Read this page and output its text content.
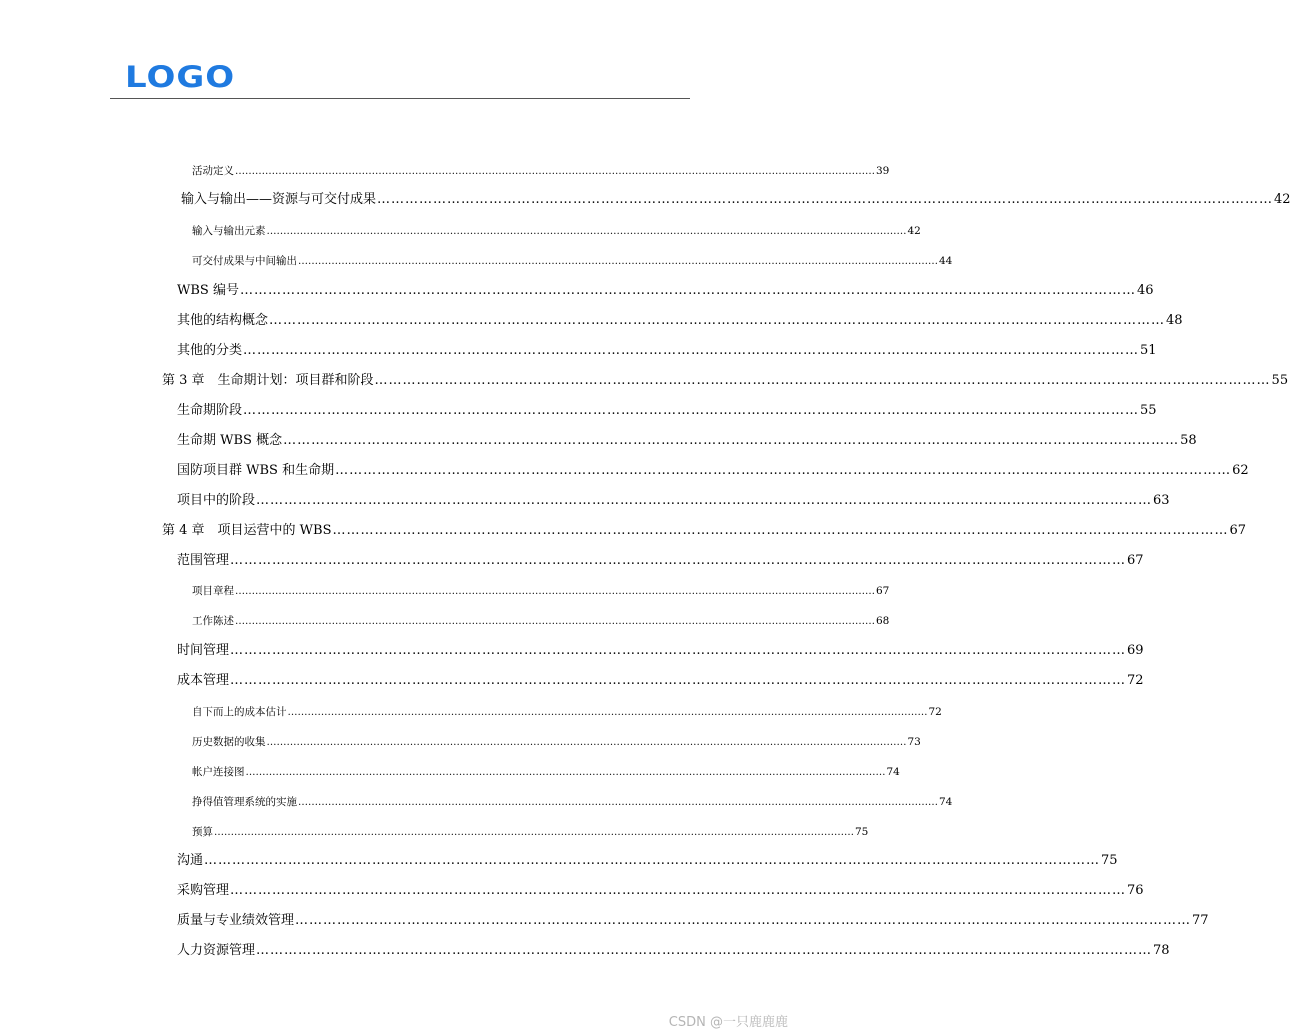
LOGO
活动定义 ………………………………………………………………………………………………………………………………………………………………………… 39
输入与输出——资源与可交付成果 ………………………………………………………………………………………………………………………………………………………………………… 42
输入与输出元素 ………………………………………………………………………………………………………………………………………………………………………… 42
可交付成果与中间输出 ………………………………………………………………………………………………………………………………………………………………………… 44
WBS 编号 ………………………………………………………………………………………………………………………………………………………………………… 46
其他的结构概念 ………………………………………………………………………………………………………………………………………………………………………… 48
其他的分类 ………………………………………………………………………………………………………………………………………………………………………… 51
第 3 章　生命期计划：项目群和阶段 ………………………………………………………………………………………………………………………………………………………………………… 55
生命期阶段 ………………………………………………………………………………………………………………………………………………………………………… 55
生命期 WBS 概念 ………………………………………………………………………………………………………………………………………………………………………… 58
国防项目群 WBS 和生命期 ………………………………………………………………………………………………………………………………………………………………………… 62
项目中的阶段 ………………………………………………………………………………………………………………………………………………………………………… 63
第 4 章　项目运营中的 WBS ………………………………………………………………………………………………………………………………………………………………………… 67
范围管理 ………………………………………………………………………………………………………………………………………………………………………… 67
项目章程 ………………………………………………………………………………………………………………………………………………………………………… 67
工作陈述 ………………………………………………………………………………………………………………………………………………………………………… 68
时间管理 ………………………………………………………………………………………………………………………………………………………………………… 69
成本管理 ………………………………………………………………………………………………………………………………………………………………………… 72
自下而上的成本估计 ………………………………………………………………………………………………………………………………………………………………………… 72
历史数据的收集 ………………………………………………………………………………………………………………………………………………………………………… 73
帐户连接图 ………………………………………………………………………………………………………………………………………………………………………… 74
挣得值管理系统的实施 ………………………………………………………………………………………………………………………………………………………………………… 74
预算 ………………………………………………………………………………………………………………………………………………………………………… 75
沟通 ………………………………………………………………………………………………………………………………………………………………………… 75
采购管理 ………………………………………………………………………………………………………………………………………………………………………… 76
质量与专业绩效管理 ………………………………………………………………………………………………………………………………………………………………………… 77
人力资源管理 ………………………………………………………………………………………………………………………………………………………………………… 78
CSDN @一只鹿鹿鹿
